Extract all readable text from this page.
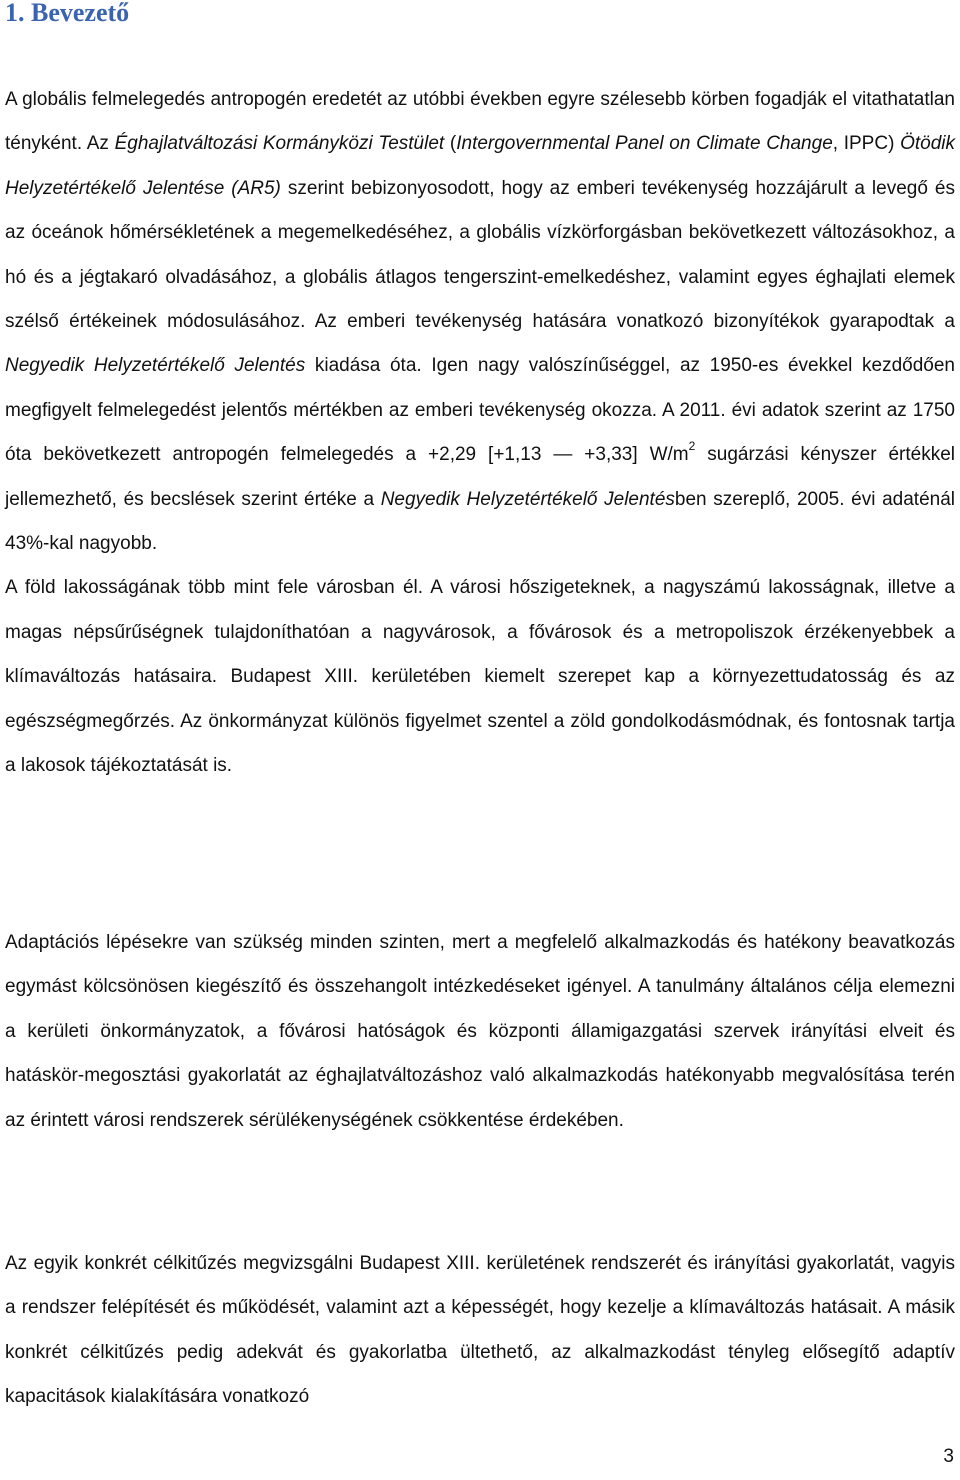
1. Bevezető
A globális felmelegedés antropogén eredetét az utóbbi években egyre szélesebb körben fogadják el vitathatatlan tényként. Az Éghajlatváltozási Kormányközi Testület (Intergovernmental Panel on Climate Change, IPPC) Ötödik Helyzetértékelő Jelentése (AR5) szerint bebizonyosodott, hogy az emberi tevékenység hozzájárult a levegő és az óceánok hőmérsékletének a megemelkedéséhez, a globális vízkörforgásban bekövetkezett változásokhoz, a hó és a jégtakaró olvadásához, a globális átlagos tengerszint-emelkedéshez, valamint egyes éghajlati elemek szélső értékeinek módosulásához. Az emberi tevékenység hatására vonatkozó bizonyítékok gyarapodtak a Negyedik Helyzetértékelő Jelentés kiadása óta. Igen nagy valószínűséggel, az 1950-es évekkel kezdődően megfigyelt felmelegedést jelentős mértékben az emberi tevékenység okozza. A 2011. évi adatok szerint az 1750 óta bekövetkezett antropogén felmelegedés a +2,29 [+1,13 — +3,33] $W/m^2$ sugárzási kényszer értékkel jellemezhető, és becslések szerint értéke a Negyedik Helyzetértékelő Jelentésben szereplő, 2005. évi adaténál 43%-kal nagyobb.
A föld lakosságának több mint fele városban él. A városi hőszigeteknek, a nagyszámú lakosságnak, illetve a magas népsűrűségnek tulajdoníthatóan a nagyvárosok, a fővárosok és a metropoliszok érzékenyebbek a klímaváltozás hatásaira. Budapest XIII. kerületében kiemelt szerepet kap a környezettudatosság és az egészségmegőrzés. Az önkormányzat különös figyelmet szentel a zöld gondolkodásmódnak, és fontosnak tartja a lakosok tájékoztatását is.

Adaptációs lépésekre van szükség minden szinten, mert a megfelelő alkalmazkodás és hatékony beavatkozás egymást kölcsönösen kiegészítő és összehangolt intézkedéseket igényel. A tanulmány általános célja elemezni a kerületi önkormányzatok, a fővárosi hatóságok és központi államigazgatási szervek irányítási elveit és hatáskör-megosztási gyakorlatát az éghajlatváltozáshoz való alkalmazkodás hatékonyabb megvalósítása terén az érintett városi rendszerek sérülékenységének csökkentése érdekében.

Az egyik konkrét célkitűzés megvizsgálni Budapest XIII. kerületének rendszerét és irányítási gyakorlatát, vagyis a rendszer felépítését és működését, valamint azt a képességét, hogy kezelje a klímaváltozás hatásait. A másik konkrét célkitűzés pedig adekvát és gyakorlatba ültethető, az alkalmazkodást tényleg elősegítő adaptív kapacitások kialakítására vonatkozó

3
